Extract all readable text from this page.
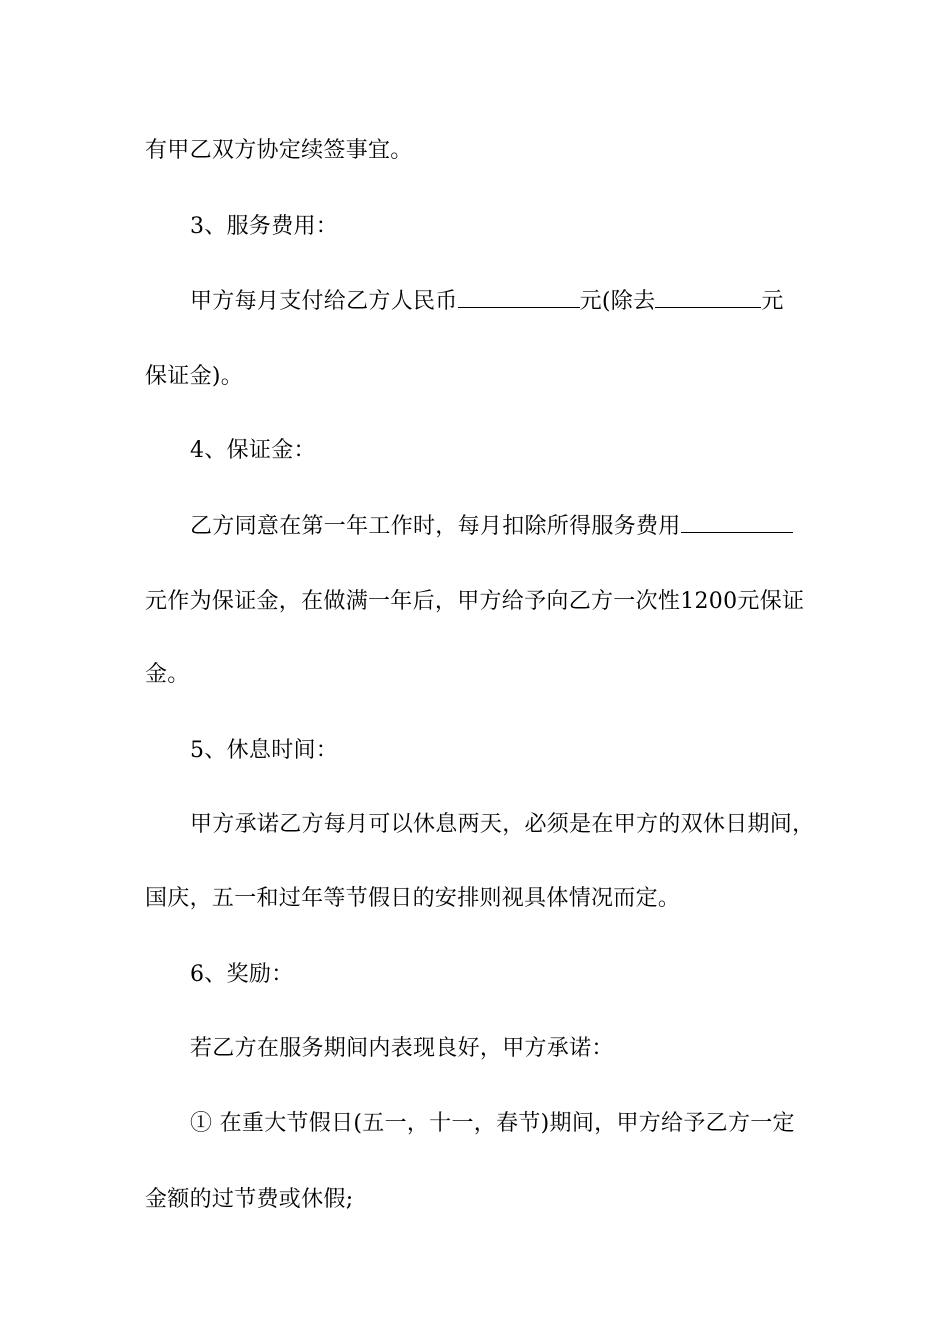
有甲乙双方协定续签事宜。
3、服务费用：
甲方每月支付给乙方人民币	元(除去	元
保证金)。
4、保证金：
乙方同意在第一年工作时，每月扣除所得服务费用
元作为保证金，在做满一年后，甲方给予向乙方一次性1200元保证
金。
5、休息时间：
甲方承诺乙方每月可以休息两天，必须是在甲方的双休日期间，
国庆，五一和过年等节假日的安排则视具体情况而定。
6、奖励：
若乙方在服务期间内表现良好，甲方承诺：
① 在重大节假日(五一，十一，春节)期间，甲方给予乙方一定
金额的过节费或休假;
